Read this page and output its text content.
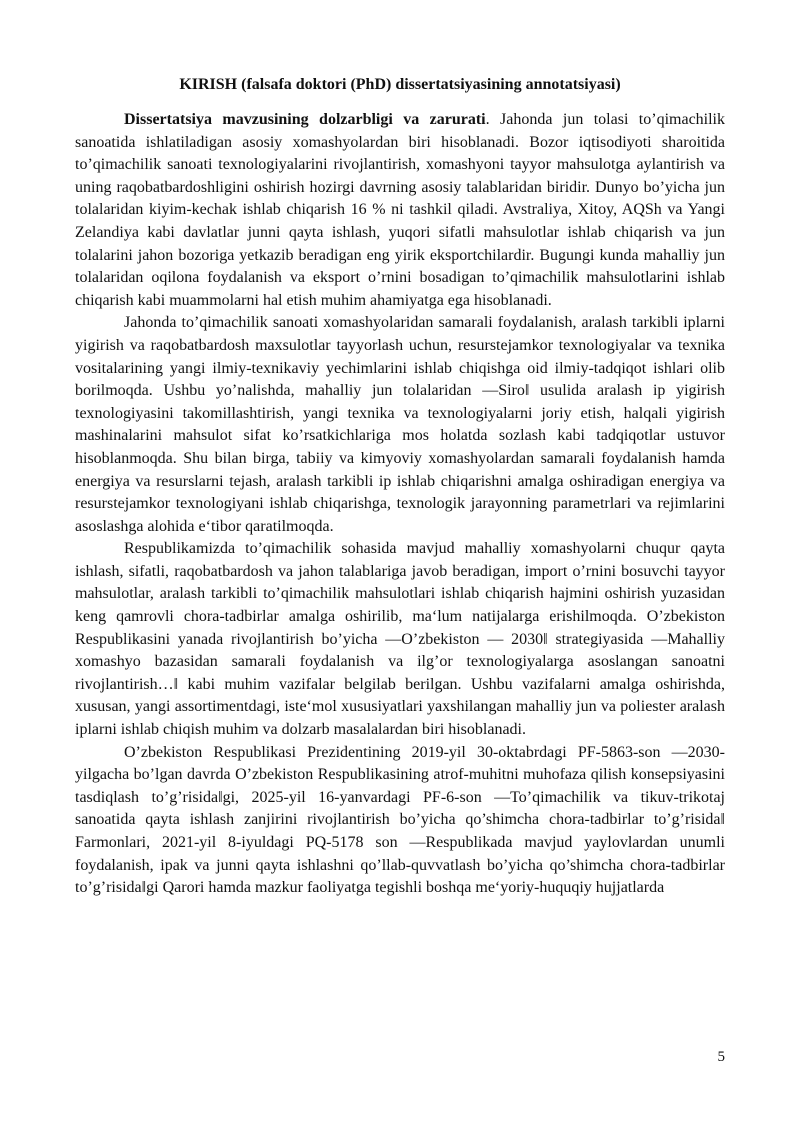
KIRISH (falsafa doktori (PhD) dissertatsiyasining annotatsiyasi)

Dissertatsiya mavzusining dolzarbligi va zarurati. Jahonda jun tolasi to’qimachilik sanoatida ishlatiladigan asosiy xomashyolardan biri hisoblanadi. Bozor iqtisodiyoti sharoitida to’qimachilik sanoati texnologiyalarini rivojlantirish, xomashyoni tayyor mahsulotga aylantirish va uning raqobatbardoshligini oshirish hozirgi davrning asosiy talablaridan biridir. Dunyo bo’yicha jun tolalaridan kiyim-kechak ishlab chiqarish 16 % ni tashkil qiladi. Avstraliya, Xitoy, AQSh va Yangi Zelandiya kabi davlatlar junni qayta ishlash, yuqori sifatli mahsulotlar ishlab chiqarish va jun tolalarini jahon bozoriga yetkazib beradigan eng yirik eksportchilardir. Bugungi kunda mahalliy jun tolalaridan oqilona foydalanish va eksport o’rnini bosadigan to’qimachilik mahsulotlarini ishlab chiqarish kabi muammolarni hal etish muhim ahamiyatga ega hisoblanadi.

Jahonda to’qimachilik sanoati xomashyolaridan samarali foydalanish, aralash tarkibli iplarni yigirish va raqobatbardosh maxsulotlar tayyorlash uchun, resurstejamkor texnologiyalar va texnika vositalarining yangi ilmiy-texnikaviy yechimlarini ishlab chiqishga oid ilmiy-tadqiqot ishlari olib borilmoqda. Ushbu yo’nalishda, mahalliy jun tolalaridan ―Siro‖ usulida aralash ip yigirish texnologiyasini takomillashtirish, yangi texnika va texnologiyalarni joriy etish, halqali yigirish mashinalarini mahsulot sifat ko’rsatkichlariga mos holatda sozlash kabi tadqiqotlar ustuvor hisoblanmoqda. Shu bilan birga, tabiiy va kimyoviy xomashyolardan samarali foydalanish hamda energiya va resurslarni tejash, aralash tarkibli ip ishlab chiqarishni amalga oshiradigan energiya va resurstejamkor texnologiyani ishlab chiqarishga, texnologik jarayonning parametrlari va rejimlarini asoslashga alohida e‘tibor qaratilmoqda.

Respublikamizda to’qimachilik sohasida mavjud mahalliy xomashyolarni chuqur qayta ishlash, sifatli, raqobatbardosh va jahon talablariga javob beradigan, import o’rnini bosuvchi tayyor mahsulotlar, aralash tarkibli to’qimachilik mahsulotlari ishlab chiqarish hajmini oshirish yuzasidan keng qamrovli chora-tadbirlar amalga oshirilib, ma‘lum natijalarga erishilmoqda. O’zbekiston Respublikasini yanada rivojlantirish bo’yicha ―O’zbekiston — 2030‖ strategiyasida ―Mahalliy xomashyo bazasidan samarali foydalanish va ilg’or texnologiyalarga asoslangan sanoatni rivojlantirish…‖ kabi muhim vazifalar belgilab berilgan. Ushbu vazifalarni amalga oshirishda, xususan, yangi assortimentdagi, iste‘mol xususiyatlari yaxshilangan mahalliy jun va poliester aralash iplarni ishlab chiqish muhim va dolzarb masalalardan biri hisoblanadi.

O’zbekiston Respublikasi Prezidentining 2019-yil 30-oktabrdagi PF-5863-son ―2030-yilgacha bo’lgan davrda O’zbekiston Respublikasining atrof-muhitni muhofaza qilish konsepsiyasini tasdiqlash to’g’risida‖gi, 2025-yil 16-yanvardagi PF-6-son ―To’qimachilik va tikuv-trikotaj sanoatida qayta ishlash zanjirini rivojlantirish bo’yicha qo’shimcha chora-tadbirlar to’g’risida‖ Farmonlari, 2021-yil 8-iyuldagi PQ-5178 son ―Respublikada mavjud yaylovlardan unumli foydalanish, ipak va junni qayta ishlashni qo’llab-quvvatlash bo’yicha qo’shimcha chora-tadbirlar to’g’risida‖gi Qarori hamda mazkur faoliyatga tegishli boshqa me‘yoriy-huquqiy hujjatlarda

5
